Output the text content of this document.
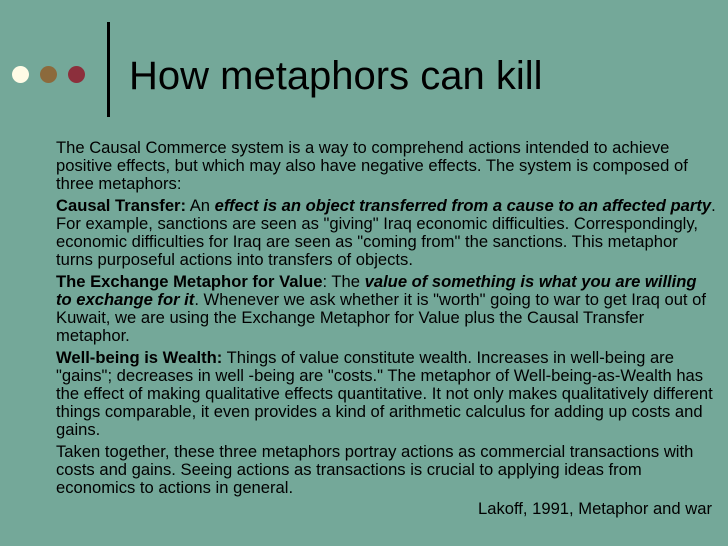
How metaphors can kill

The Causal Commerce system is a way to comprehend actions intended to achieve positive effects, but which may also have negative effects. The system is composed of three metaphors:

Causal Transfer: An effect is an object transferred from a cause to an affected party. For example, sanctions are seen as "giving" Iraq economic difficulties. Correspondingly, economic difficulties for Iraq are seen as "coming from" the sanctions. This metaphor turns purposeful actions into transfers of objects.

The Exchange Metaphor for Value: The value of something is what you are willing to exchange for it. Whenever we ask whether it is "worth" going to war to get Iraq out of Kuwait, we are using the Exchange Metaphor for Value plus the Causal Transfer metaphor.

Well-being is Wealth: Things of value constitute wealth. Increases in well-being are "gains"; decreases in well -being are "costs." The metaphor of Well-being-as-Wealth has the effect of making qualitative effects quantitative. It not only makes qualitatively different things comparable, it even provides a kind of arithmetic calculus for adding up costs and gains.

Taken together, these three metaphors portray actions as commercial transactions with costs and gains. Seeing actions as transactions is crucial to applying ideas from economics to actions in general.

Lakoff, 1991, Metaphor and war
